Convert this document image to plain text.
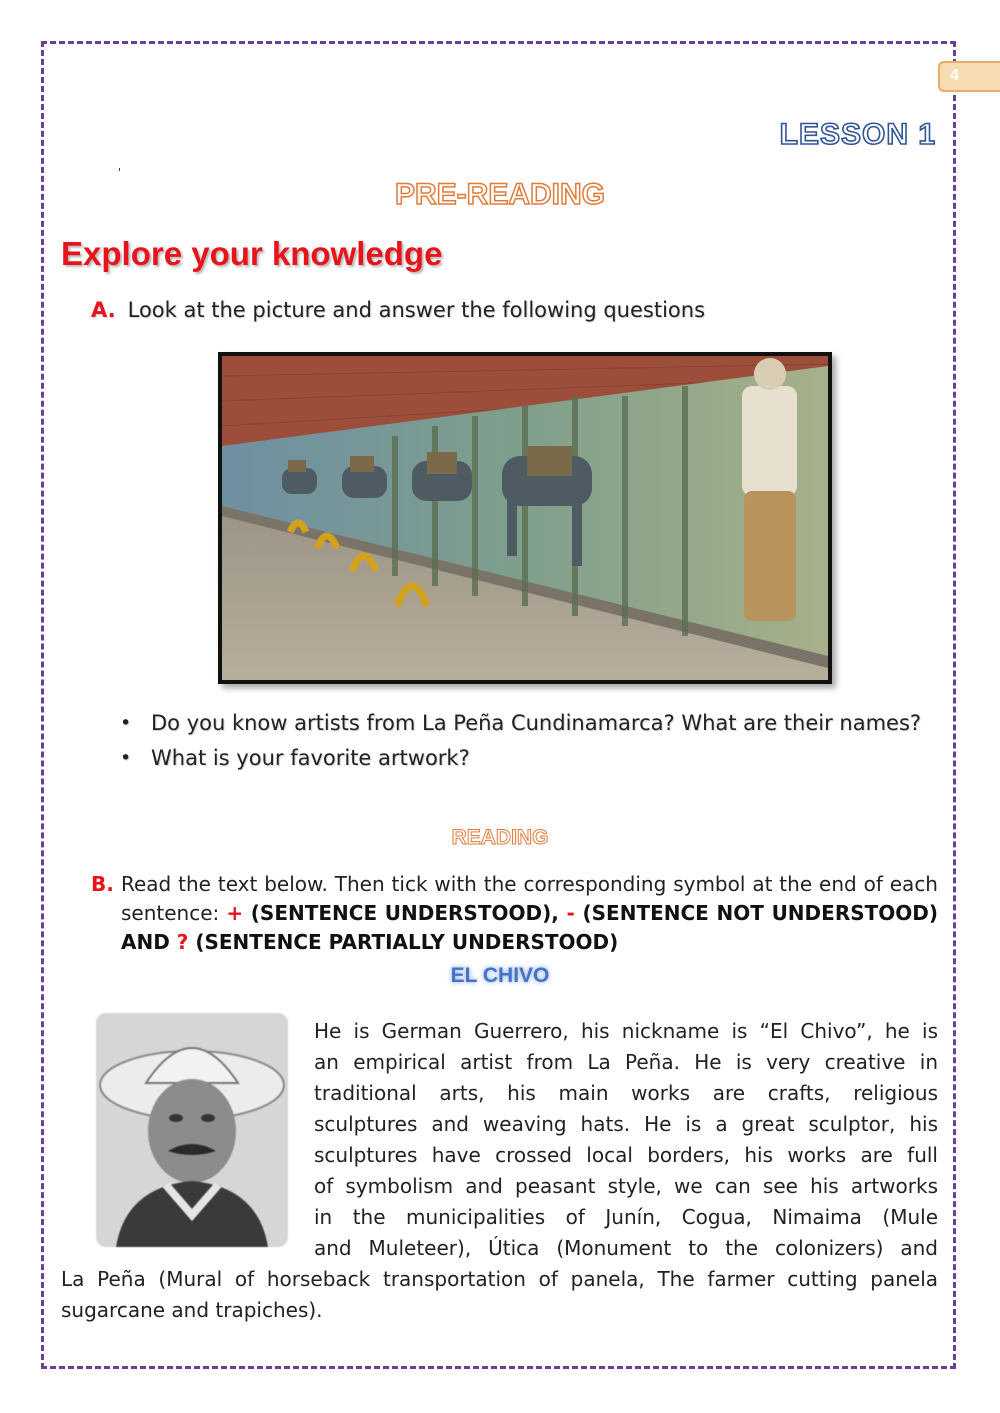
4
LESSON 1
PRE-READING
Explore your knowledge
A. Look at the picture and answer the following questions
• Do you know artists from La Peña Cundinamarca? What are their names?
• What is your favorite artwork?
READING
B. Read the text below. Then tick with the corresponding symbol at the end of each sentence: + (SENTENCE UNDERSTOOD), - (SENTENCE NOT UNDERSTOOD) AND ? (SENTENCE PARTIALLY UNDERSTOOD)
EL CHIVO
He is German Guerrero, his nickname is “El Chivo”, he is
an empirical artist from La Peña. He is very creative in
traditional arts, his main works are crafts, religious
sculptures and weaving hats. He is a great sculptor, his
sculptures have crossed local borders, his works are full
of symbolism and peasant style, we can see his artworks
in the municipalities of Junín, Cogua, Nimaima (Mule
and Muleteer), Útica (Monument to the colonizers) and
La Peña (Mural of horseback transportation of panela, The farmer cutting panela sugarcane and trapiches).
